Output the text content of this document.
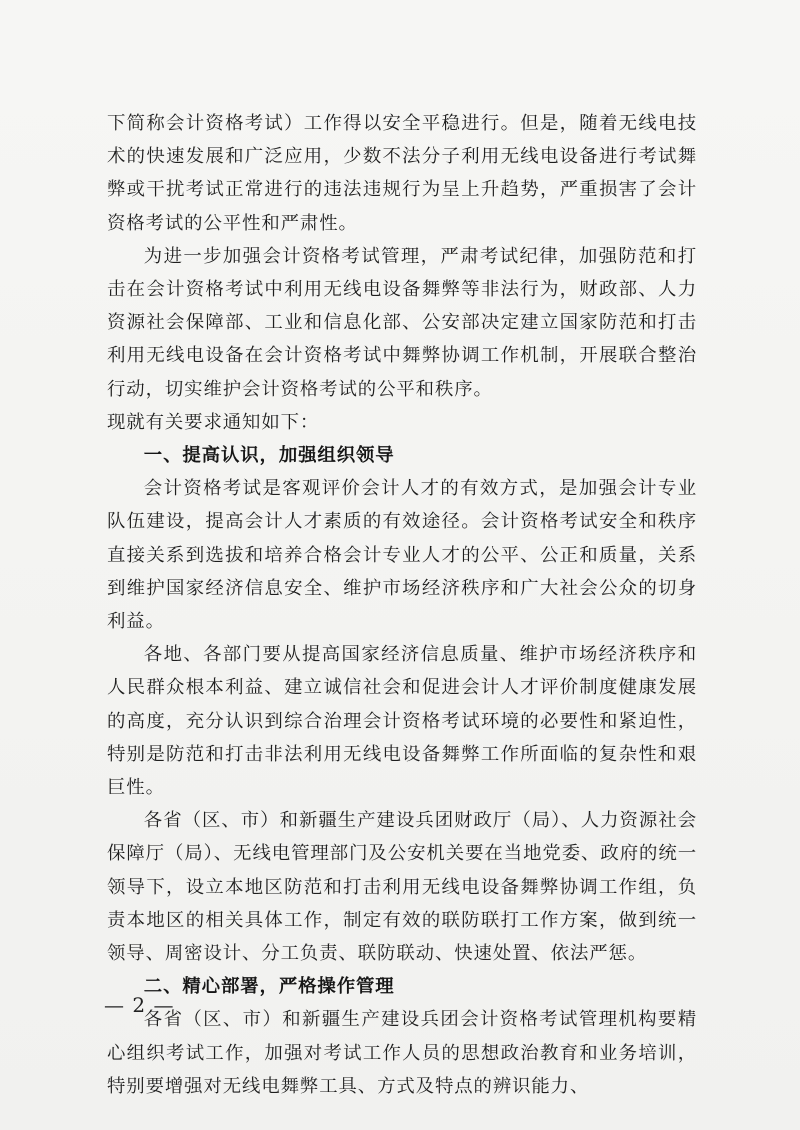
下简称会计资格考试）工作得以安全平稳进行。但是，随着无线电技术的快速发展和广泛应用，少数不法分子利用无线电设备进行考试舞弊或干扰考试正常进行的违法违规行为呈上升趋势，严重损害了会计资格考试的公平性和严肃性。

为进一步加强会计资格考试管理，严肃考试纪律，加强防范和打击在会计资格考试中利用无线电设备舞弊等非法行为，财政部、人力资源社会保障部、工业和信息化部、公安部决定建立国家防范和打击利用无线电设备在会计资格考试中舞弊协调工作机制，开展联合整治行动，切实维护会计资格考试的公平和秩序。

现就有关要求通知如下：

一、提高认识，加强组织领导

会计资格考试是客观评价会计人才的有效方式，是加强会计专业队伍建设，提高会计人才素质的有效途径。会计资格考试安全和秩序直接关系到选拔和培养合格会计专业人才的公平、公正和质量，关系到维护国家经济信息安全、维护市场经济秩序和广大社会公众的切身利益。

各地、各部门要从提高国家经济信息质量、维护市场经济秩序和人民群众根本利益、建立诚信社会和促进会计人才评价制度健康发展的高度，充分认识到综合治理会计资格考试环境的必要性和紧迫性，特别是防范和打击非法利用无线电设备舞弊工作所面临的复杂性和艰巨性。

各省（区、市）和新疆生产建设兵团财政厅（局）、人力资源社会保障厅（局）、无线电管理部门及公安机关要在当地党委、政府的统一领导下，设立本地区防范和打击利用无线电设备舞弊协调工作组，负责本地区的相关具体工作，制定有效的联防联打工作方案，做到统一领导、周密设计、分工负责、联防联动、快速处置、依法严惩。

二、精心部署，严格操作管理

各省（区、市）和新疆生产建设兵团会计资格考试管理机构要精心组织考试工作，加强对考试工作人员的思想政治教育和业务培训，特别要增强对无线电舞弊工具、方式及特点的辨识能力、

— 2 —
